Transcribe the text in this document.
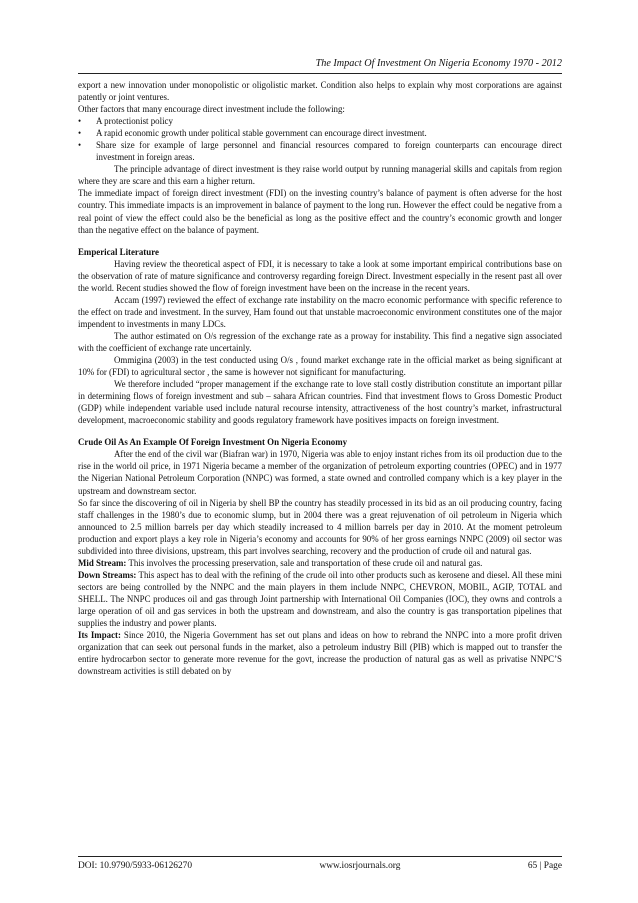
The Impact Of Investment On Nigeria Economy 1970 - 2012

export a new innovation under monopolistic or oligolistic market. Condition also helps to explain why most corporations are against patently or joint ventures.

Other factors that many encourage direct investment include the following:

• A protectionist policy
• A rapid economic growth under political stable government can encourage direct investment.
• Share size for example of large personnel and financial resources compared to foreign counterparts can encourage direct investment in foreign areas.

The principle advantage of direct investment is they raise world output by running managerial skills and capitals from region where they are scare and this earn a higher return.

The immediate impact of foreign direct investment (FDI) on the investing country’s balance of payment is often adverse for the host country. This immediate impacts is an improvement in balance of payment to the long run. However the effect could be negative from a real point of view the effect could also be the beneficial as long as the positive effect and the country’s economic growth and longer than the negative effect on the balance of payment.

Emperical Literature

Having review the theoretical aspect of FDI, it is necessary to take a look at some important empirical contributions base on the observation of rate of mature significance and controversy regarding foreign Direct. Investment especially in the resent past all over the world. Recent studies showed the flow of foreign investment have been on the increase in the recent years.

Accam (1997) reviewed the effect of exchange rate instability on the macro economic performance with specific reference to the effect on trade and investment. In the survey, Ham found out that unstable macroeconomic environment constitutes one of the major impendent to investments in many LDCs.

The author estimated on O/s regression of the exchange rate as a proway for instability. This find a negative sign associated with the coefficient of exchange rate uncertainly.

Ommigina (2003) in the test conducted using O/s , found market exchange rate in the official market as being significant at 10% for (FDI) to agricultural sector , the same is however not significant for manufacturing.

We therefore included “proper management if the exchange rate to love stall costly distribution constitute an important pillar in determining flows of foreign investment and sub – sahara African countries. Find that investment flows to Gross Domestic Product (GDP) while independent variable used include natural recourse intensity, attractiveness of the host country’s market, infrastructural development, macroeconomic stability and goods regulatory framework have positives impacts on foreign investment.

Crude Oil As An Example Of Foreign Investment On Nigeria Economy

After the end of the civil war (Biafran war) in 1970, Nigeria was able to enjoy instant riches from its oil production due to the rise in the world oil price, in 1971 Nigeria became a member of the organization of petroleum exporting countries (OPEC) and in 1977 the Nigerian National Petroleum Corporation (NNPC) was formed, a state owned and controlled company which is a key player in the upstream and downstream sector.

So far since the discovering of oil in Nigeria by shell BP the country has steadily processed in its bid as an oil producing country, facing staff challenges in the 1980’s due to economic slump, but in 2004 there was a great rejuvenation of oil petroleum in Nigeria which announced to 2.5 million barrels per day which steadily increased to 4 million barrels per day in 2010. At the moment petroleum production and export plays a key role in Nigeria’s economy and accounts for 90% of her gross earnings NNPC (2009) oil sector was subdivided into three divisions, upstream, this part involves searching, recovery and the production of crude oil and natural gas.

Mid Stream: This involves the processing preservation, sale and transportation of these crude oil and natural gas.

Down Streams: This aspect has to deal with the refining of the crude oil into other products such as kerosene and diesel. All these mini sectors are being controlled by the NNPC and the main players in them include NNPC, CHEVRON, MOBIL, AGIP, TOTAL and SHELL. The NNPC produces oil and gas through Joint partnership with International Oil Companies (IOC), they owns and controls a large operation of oil and gas services in both the upstream and downstream, and also the country is gas transportation pipelines that supplies the industry and power plants.

Its Impact: Since 2010, the Nigeria Government has set out plans and ideas on how to rebrand the NNPC into a more profit driven organization that can seek out personal funds in the market, also a petroleum industry Bill (PIB) which is mapped out to transfer the entire hydrocarbon sector to generate more revenue for the govt, increase the production of natural gas as well as privatise NNPC’S downstream activities is still debated on by

DOI: 10.9790/5933-06126270	www.iosrjournals.org	65 | Page
